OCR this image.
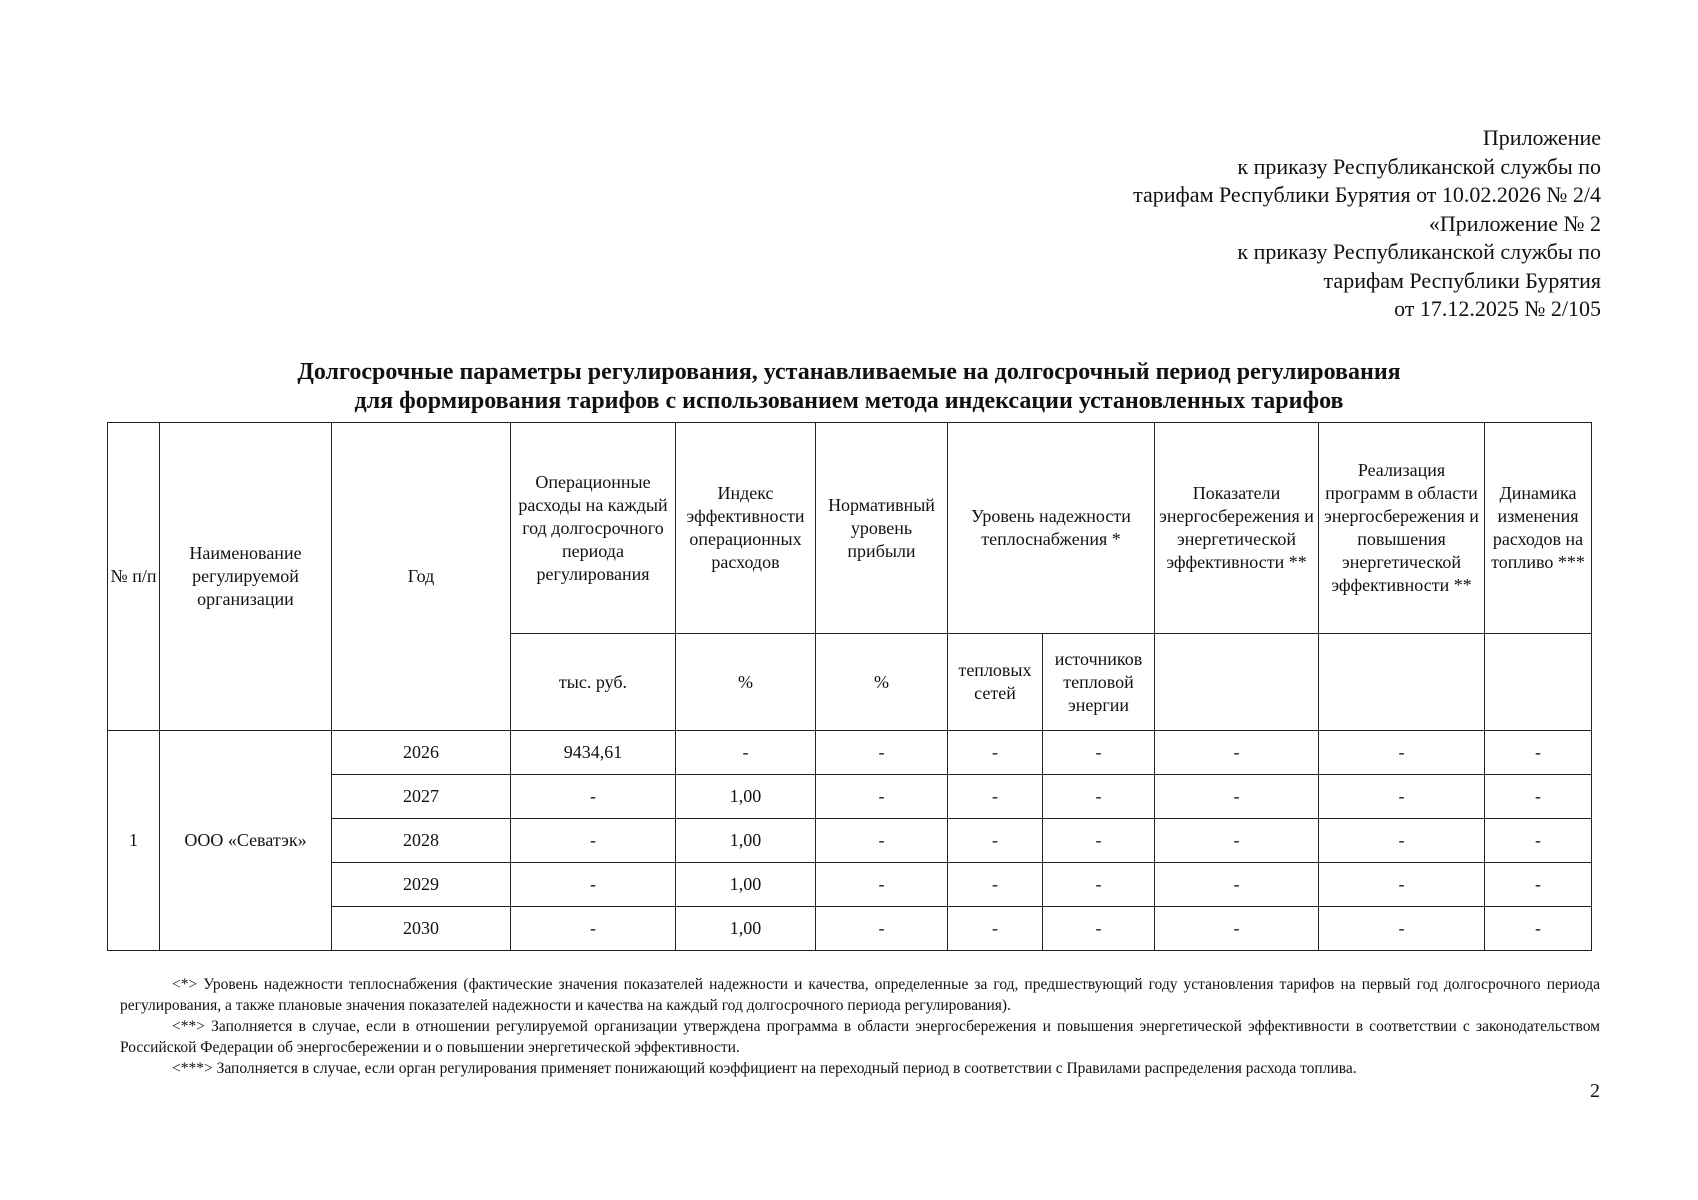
Приложение
к приказу Республиканской службы по
тарифам Республики Бурятия от 10.02.2026 № 2/4
«Приложение № 2
к приказу Республиканской службы по
тарифам Республики Бурятия
от 17.12.2025 № 2/105
Долгосрочные параметры регулирования, устанавливаемые на долгосрочный период регулирования
для формирования тарифов с использованием метода индексации установленных тарифов
№ п/п	Наименование регулируемой организации	Год	Операционные расходы на каждый год долгосрочного периода регулирования	Индекс эффективности операционных расходов	Нормативный уровень прибыли	Уровень надежности теплоснабжения *		Показатели энергосбережения и энергетической эффективности **	Реализация программ в области энергосбережения и повышения энергетической эффективности **	Динамика изменения расходов на топливо ***
			тыс. руб.	%	%	тепловых сетей	источников тепловой энергии			
1	ООО «Севатэк»	2026	9434,61	-	-	-	-	-	-	-
		2027	-	1,00	-	-	-	-	-	-
		2028	-	1,00	-	-	-	-	-	-
		2029	-	1,00	-	-	-	-	-	-
		2030	-	1,00	-	-	-	-	-	-

<*> Уровень надежности теплоснабжения (фактические значения показателей надежности и качества, определенные за год, предшествующий году установления тарифов на первый год долгосрочного периода регулирования, а также плановые значения показателей надежности и качества на каждый год долгосрочного периода регулирования).

<**> Заполняется в случае, если в отношении регулируемой организации утверждена программа в области энергосбережения и повышения энергетической эффективности в соответствии с законодательством Российской Федерации об энергосбережении и о повышении энергетической эффективности.

<***> Заполняется в случае, если орган регулирования применяет понижающий коэффициент на переходный период в соответствии с Правилами распределения расхода топлива.

2
